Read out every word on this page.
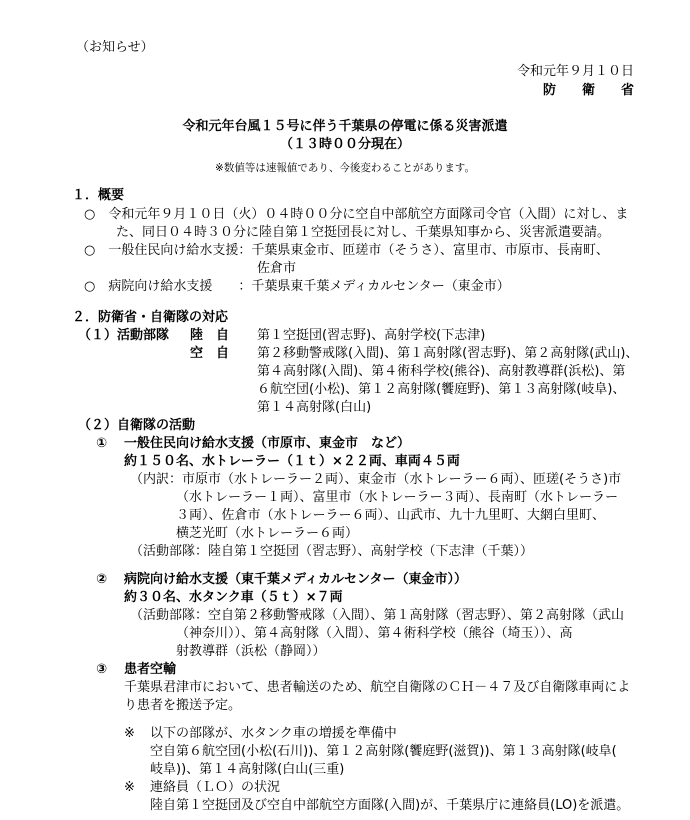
（お知らせ）
令和元年９月１０日
防　　衛　　省
令和元年台風１５号に伴う千葉県の停電に係る災害派遣
（１３時００分現在）
※数値等は速報値であり、今後変わることがあります。
１．概要
○　令和元年９月１０日（火）０４時００分に空自中部航空方面隊司令官（入間）に対し、ま
た、同日０４時３０分に陸自第１空挺団長に対し、千葉県知事から、災害派遣要請。
○　一般住民向け給水支援：千葉県東金市、匝瑳市（そうさ）、富里市、市原市、長南町、
佐倉市
○　病院向け給水支援　　：千葉県東千葉メディカルセンター（東金市）
２．防衛省・自衛隊の対応
（１）活動部隊 陸　自 第１空挺団(習志野)、高射学校(下志津)
空　自 第２移動警戒隊(入間)、第１高射隊(習志野)、第２高射隊(武山)、
第４高射隊(入間)、第４術科学校(熊谷)、高射教導群(浜松)、第
６航空団(小松)、第１２高射隊(饗庭野)、第１３高射隊(岐阜)、
第１４高射隊(白山)
（２）自衛隊の活動
① 一般住民向け給水支援（市原市、東金市　など）
約１５０名、水トレーラー（１ｔ）×２２両、車両４５両
（内訳：市原市（水トレーラー２両）、東金市（水トレーラー６両）、匝瑳(そうさ)市
（水トレーラー１両）、富里市（水トレーラー３両）、長南町（水トレーラー
３両）、佐倉市（水トレーラー６両）、山武市、九十九里町、大網白里町、
横芝光町（水トレーラー６両）
（活動部隊：陸自第１空挺団（習志野）、高射学校（下志津（千葉））
② 病院向け給水支援（東千葉メディカルセンター（東金市））
約３０名、水タンク車（５ｔ）×７両
（活動部隊：空自第２移動警戒隊（入間）、第１高射隊（習志野）、第２高射隊（武山
（神奈川））、第４高射隊（入間）、第４術科学校（熊谷（埼玉））、高
射教導群（浜松（静岡））
③ 患者空輸
千葉県君津市において、患者輸送のため、航空自衛隊のＣＨ－４７及び自衛隊車両によ
り患者を搬送予定。
※ 以下の部隊が、水タンク車の増援を準備中
空自第６航空団(小松(石川))、第１２高射隊(饗庭野(滋賀))、第１３高射隊(岐阜(
岐阜))、第１４高射隊(白山(三重)
※ 連絡員（ＬＯ）の状況
陸自第１空挺団及び空自中部航空方面隊(入間)が、千葉県庁に連絡員(LO)を派遣。
